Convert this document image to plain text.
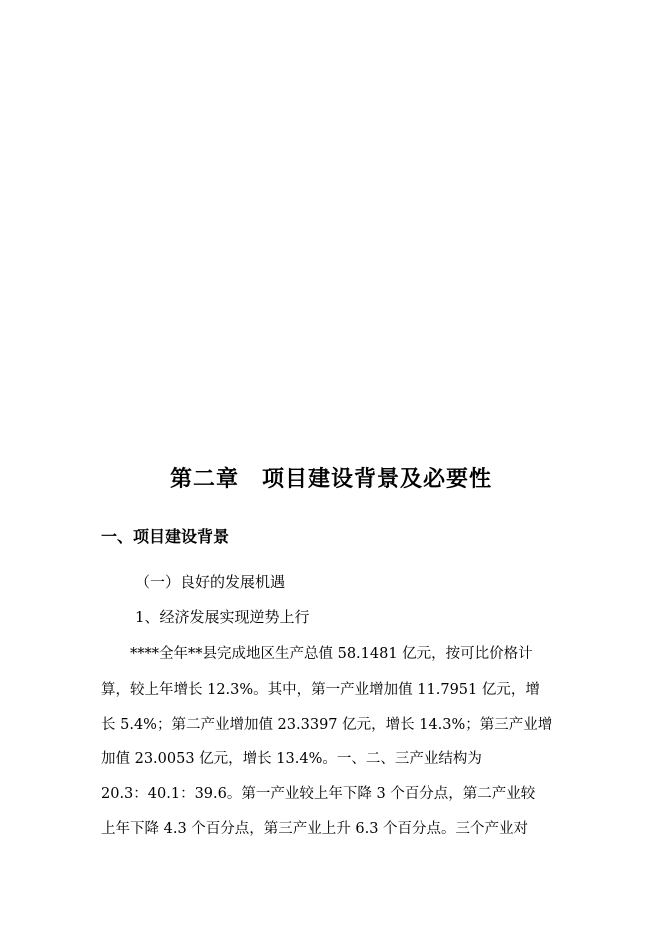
第二章　项目建设背景及必要性
一、项目建设背景
（一）良好的发展机遇
1、经济发展实现逆势上行
　　****全年**县完成地区生产总值 58.1481 亿元，按可比价格计
算，较上年增长 12.3%。其中，第一产业增加值 11.7951 亿元，增
长 5.4%；第二产业增加值 23.3397 亿元，增长 14.3%；第三产业增
加值 23.0053 亿元，增长 13.4%。一、二、三产业结构为
20.3：40.1：39.6。第一产业较上年下降 3 个百分点，第二产业较
上年下降 4.3 个百分点，第三产业上升 6.3 个百分点。三个产业对
